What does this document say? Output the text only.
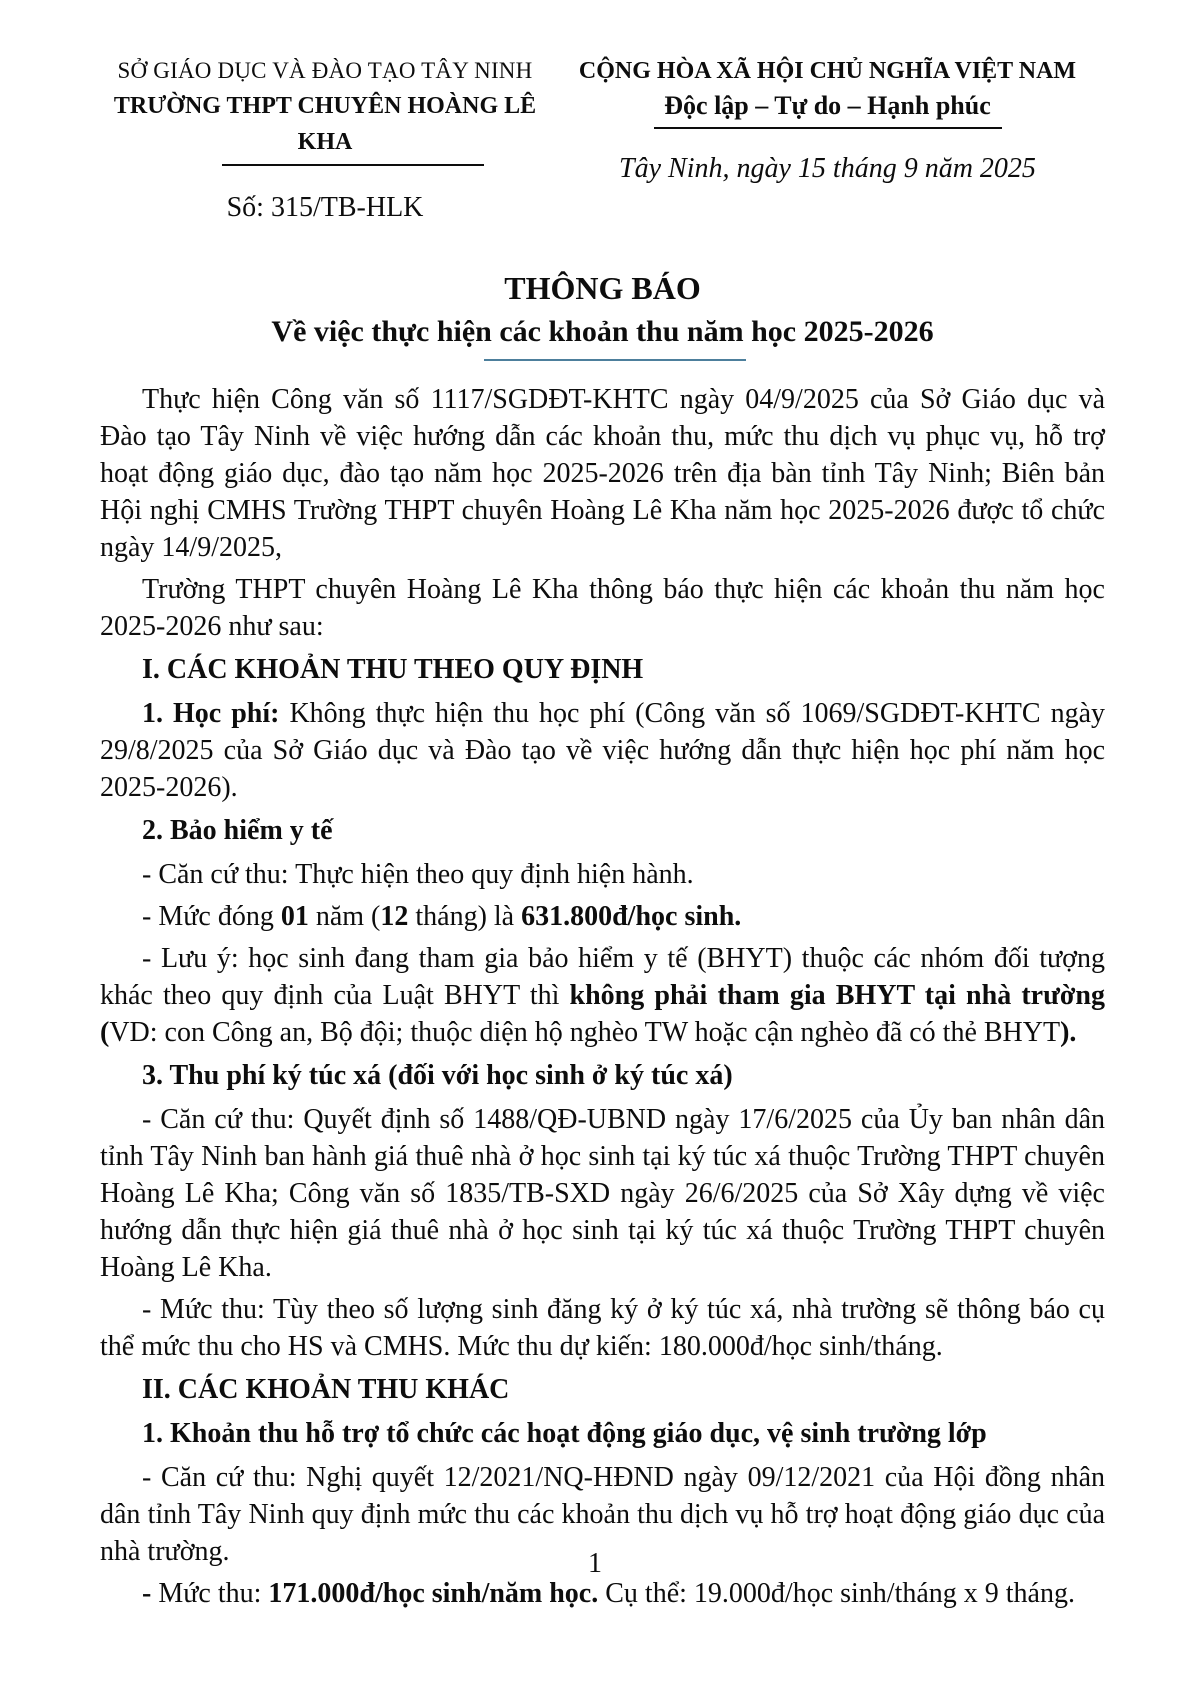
SỞ GIÁO DỤC VÀ ĐÀO TẠO TÂY NINH
TRƯỜNG THPT CHUYÊN HOÀNG LÊ KHA
Số: 315/TB-HLK
CỘNG HÒA XÃ HỘI CHỦ NGHĨA VIỆT NAM
Độc lập – Tự do – Hạnh phúc
Tây Ninh, ngày 15 tháng 9 năm 2025
THÔNG BÁO
Về việc thực hiện các khoản thu năm học 2025-2026

Thực hiện Công văn số 1117/SGDĐT-KHTC ngày 04/9/2025 của Sở Giáo dục và Đào tạo Tây Ninh về việc hướng dẫn các khoản thu, mức thu dịch vụ phục vụ, hỗ trợ hoạt động giáo dục, đào tạo năm học 2025-2026 trên địa bàn tỉnh Tây Ninh; Biên bản Hội nghị CMHS Trường THPT chuyên Hoàng Lê Kha năm học 2025-2026 được tổ chức ngày 14/9/2025,

Trường THPT chuyên Hoàng Lê Kha thông báo thực hiện các khoản thu năm học 2025-2026 như sau:

I. CÁC KHOẢN THU THEO QUY ĐỊNH

1. Học phí: Không thực hiện thu học phí (Công văn số 1069/SGDĐT-KHTC ngày 29/8/2025 của Sở Giáo dục và Đào tạo về việc hướng dẫn thực hiện học phí năm học 2025-2026).

2. Bảo hiểm y tế

- Căn cứ thu: Thực hiện theo quy định hiện hành.

- Mức đóng 01 năm (12 tháng) là 631.800đ/học sinh.

- Lưu ý: học sinh đang tham gia bảo hiểm y tế (BHYT) thuộc các nhóm đối tượng khác theo quy định của Luật BHYT thì không phải tham gia BHYT tại nhà trường (VD: con Công an, Bộ đội; thuộc diện hộ nghèo TW hoặc cận nghèo đã có thẻ BHYT).

3. Thu phí ký túc xá (đối với học sinh ở ký túc xá)

- Căn cứ thu: Quyết định số 1488/QĐ-UBND ngày 17/6/2025 của Ủy ban nhân dân tỉnh Tây Ninh ban hành giá thuê nhà ở học sinh tại ký túc xá thuộc Trường THPT chuyên Hoàng Lê Kha; Công văn số 1835/TB-SXD ngày 26/6/2025 của Sở Xây dựng về việc hướng dẫn thực hiện giá thuê nhà ở học sinh tại ký túc xá thuộc Trường THPT chuyên Hoàng Lê Kha.

- Mức thu: Tùy theo số lượng sinh đăng ký ở ký túc xá, nhà trường sẽ thông báo cụ thể mức thu cho HS và CMHS. Mức thu dự kiến: 180.000đ/học sinh/tháng.

II. CÁC KHOẢN THU KHÁC

1. Khoản thu hỗ trợ tổ chức các hoạt động giáo dục, vệ sinh trường lớp

- Căn cứ thu: Nghị quyết 12/2021/NQ-HĐND ngày 09/12/2021 của Hội đồng nhân dân tỉnh Tây Ninh quy định mức thu các khoản thu dịch vụ hỗ trợ hoạt động giáo dục của nhà trường.

- Mức thu: 171.000đ/học sinh/năm học. Cụ thể: 19.000đ/học sinh/tháng x 9 tháng.

1
